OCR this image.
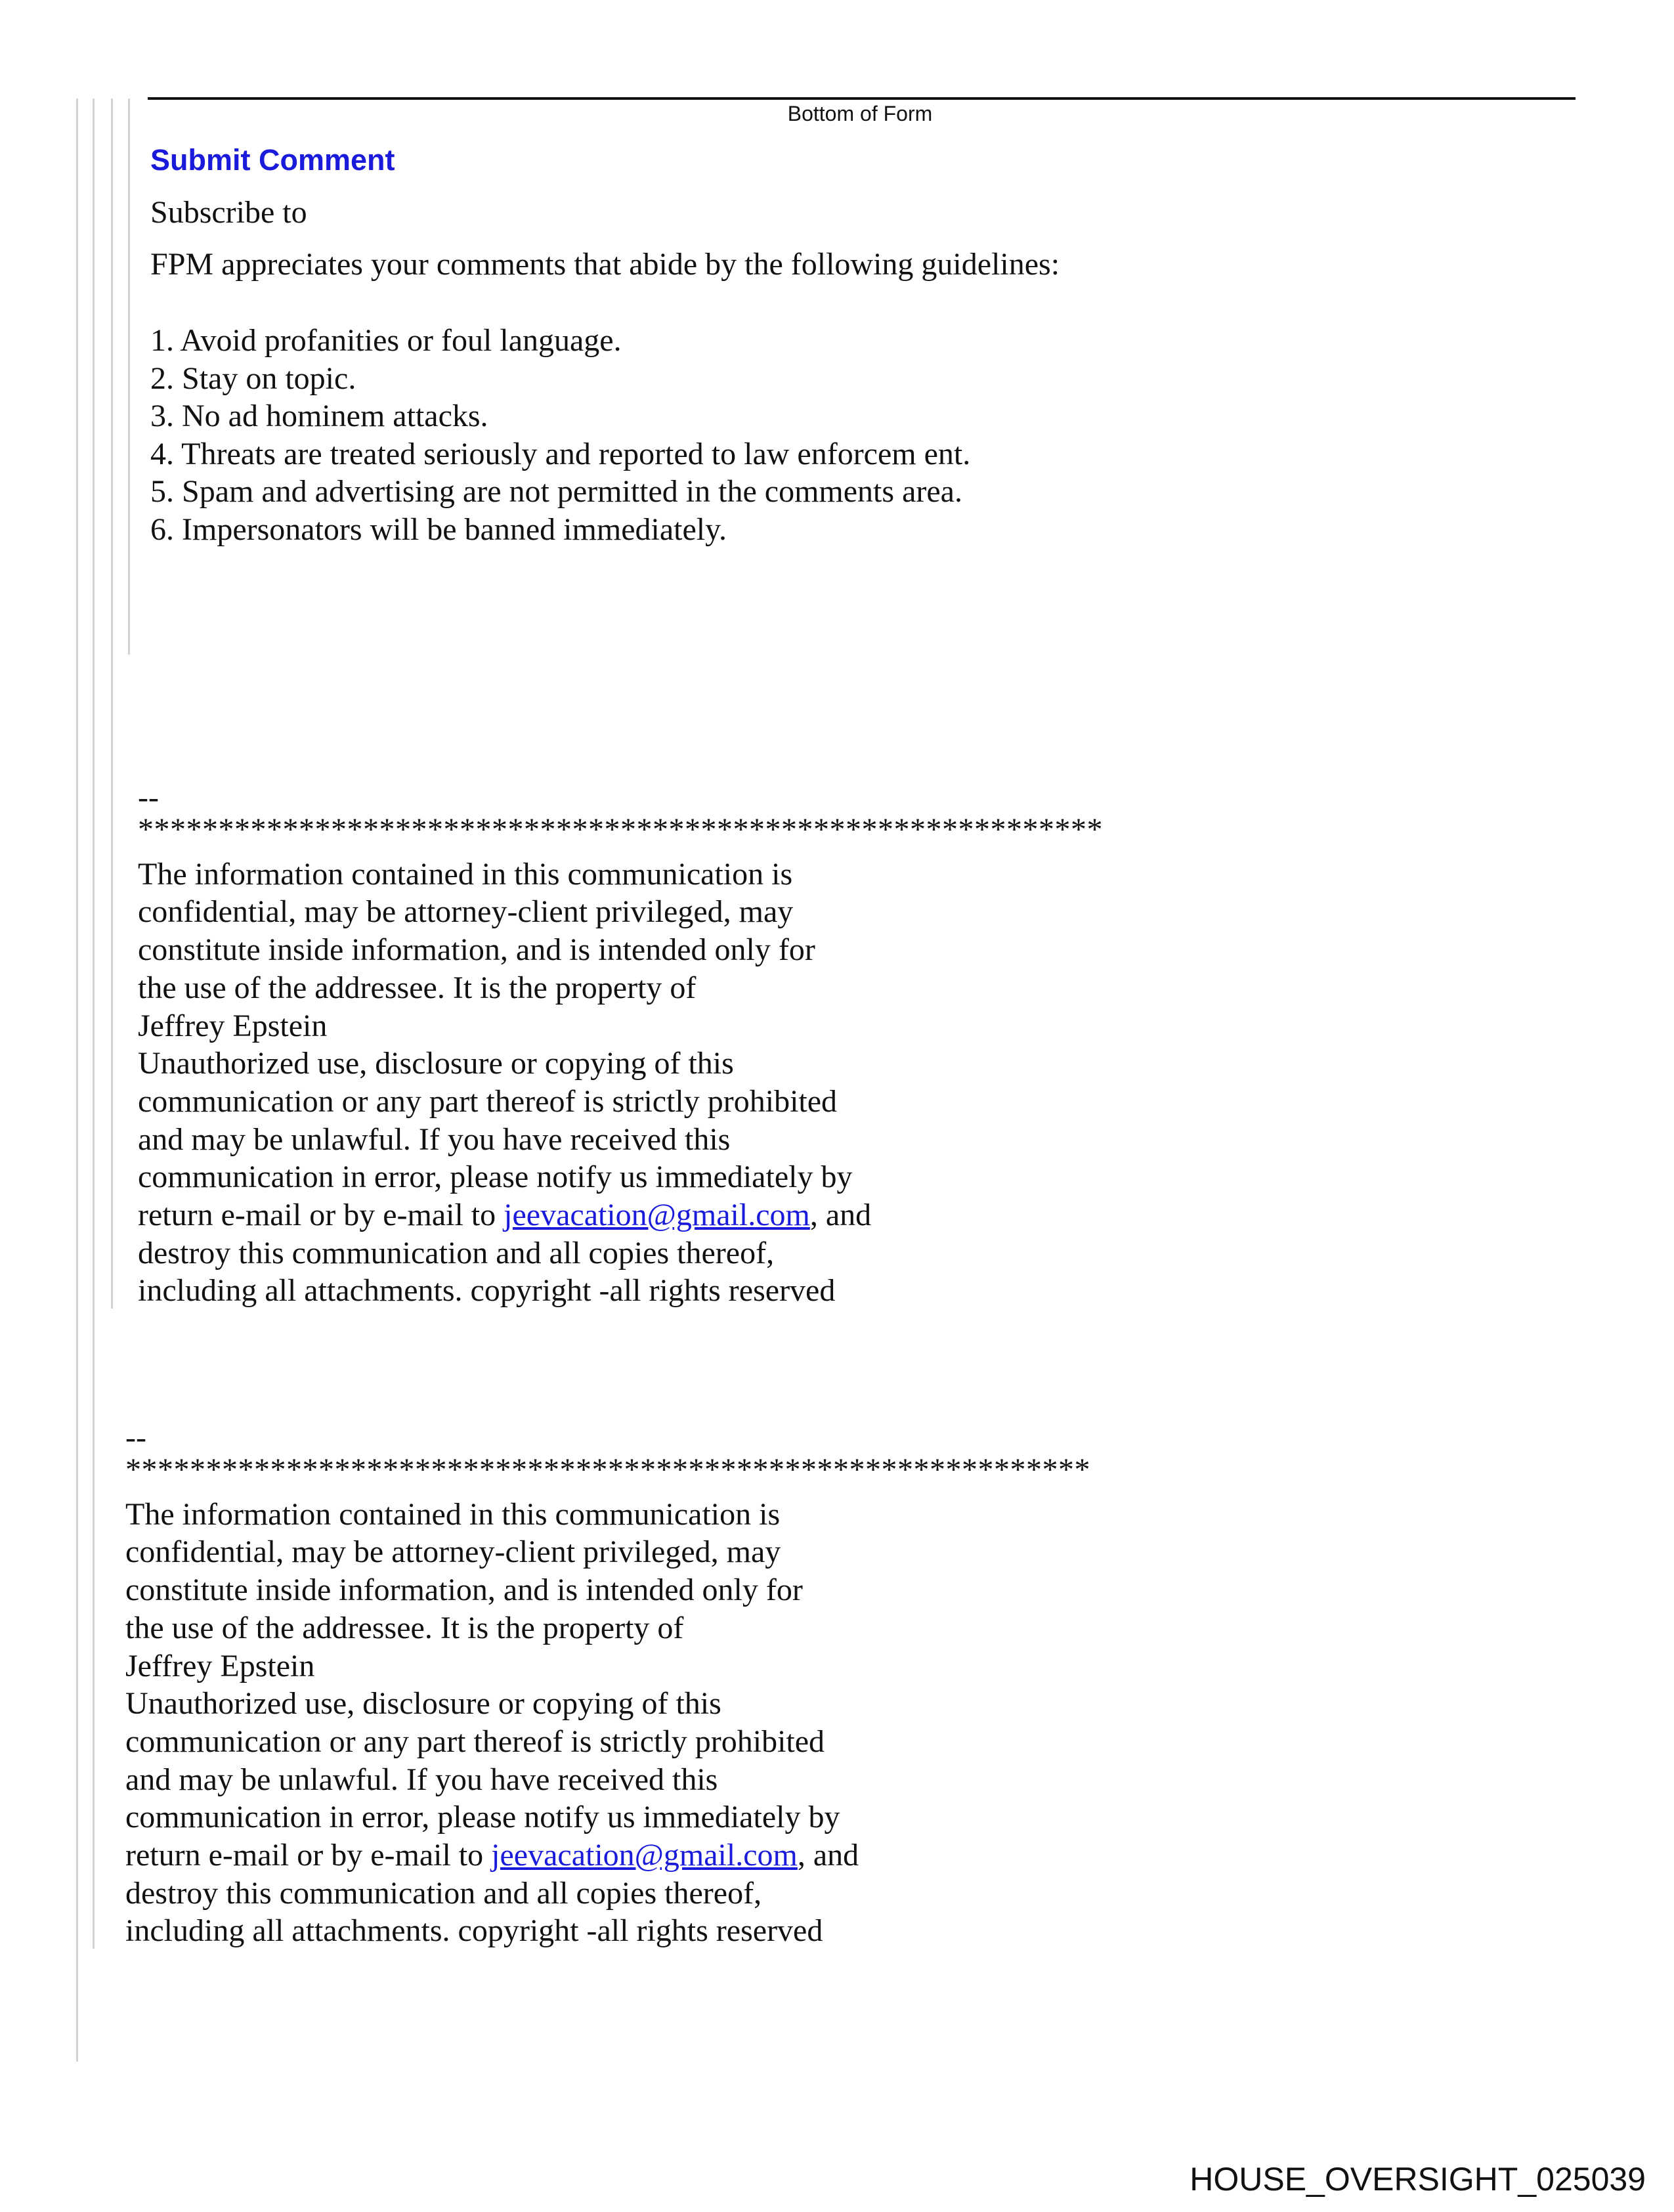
Bottom of Form
Submit Comment
Subscribe to
FPM appreciates your comments that abide by the following guidelines:
1. Avoid profanities or foul language.
2. Stay on topic.
3. No ad hominem attacks.
4. Threats are treated seriously and reported to law enforcem ent.
5. Spam and advertising are not permitted in the comments area.
6. Impersonators will be banned immediately.
--
************************************************************
The information contained in this communication is
confidential, may be attorney-client privileged, may
constitute inside information, and is intended only for
the use of the addressee. It is the property of
Jeffrey Epstein
Unauthorized use, disclosure or copying of this
communication or any part thereof is strictly prohibited
and may be unlawful. If you have received this
communication in error, please notify us immediately by
return e-mail or by e-mail to jeevacation@gmail.com, and
destroy this communication and all copies thereof,
including all attachments. copyright -all rights reserved
--
************************************************************
The information contained in this communication is
confidential, may be attorney-client privileged, may
constitute inside information, and is intended only for
the use of the addressee. It is the property of
Jeffrey Epstein
Unauthorized use, disclosure or copying of this
communication or any part thereof is strictly prohibited
and may be unlawful. If you have received this
communication in error, please notify us immediately by
return e-mail or by e-mail to jeevacation@gmail.com, and
destroy this communication and all copies thereof,
including all attachments. copyright -all rights reserved
HOUSE_OVERSIGHT_025039
